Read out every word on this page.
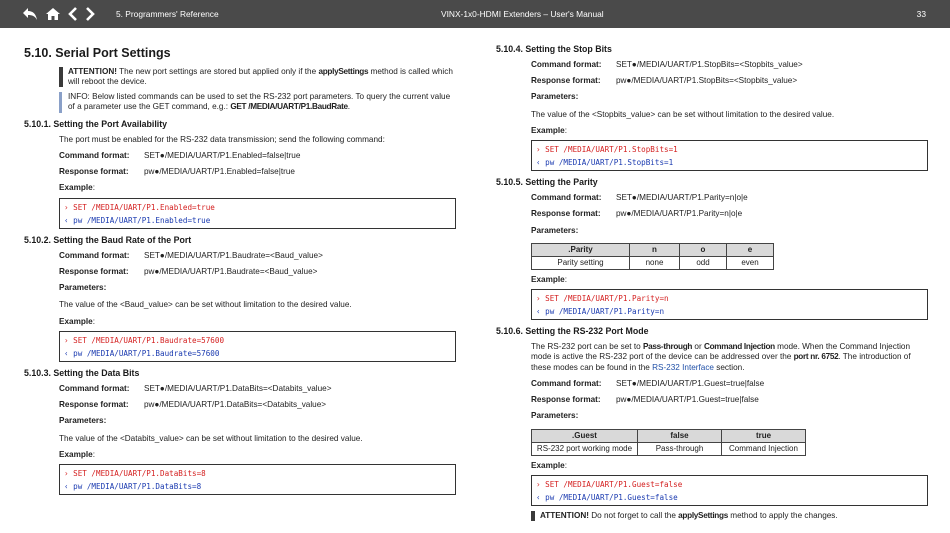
5. Programmers' Reference	VINX-1x0-HDMI Extenders – User's Manual	33
5.10. Serial Port Settings
ATTENTION! The new port settings are stored but applied only if the applySettings method is called which will reboot the device.
INFO: Below listed commands can be used to set the RS-232 port parameters. To query the current value of a parameter use the GET command, e.g.: GET /MEDIA/UART/P1.BaudRate.
5.10.1. Setting the Port Availability

The port must be enabled for the RS-232 data transmission; send the following command:

Command format:	SET●/MEDIA/UART/P1.Enabled=false|true
Response format:	pw●/MEDIA/UART/P1.Enabled=false|true
Example:
› SET /MEDIA/UART/P1.Enabled=true
‹ pw /MEDIA/UART/P1.Enabled=true
5.10.2. Setting the Baud Rate of the Port
Command format:	SET●/MEDIA/UART/P1.Baudrate=<Baud_value>
Response format:	pw●/MEDIA/UART/P1.Baudrate=<Baud_value>
Parameters:

The value of the <Baud_value> can be set without limitation to the desired value.

Example:
› SET /MEDIA/UART/P1.Baudrate=57600
‹ pw /MEDIA/UART/P1.Baudrate=57600
5.10.3. Setting the Data Bits
Command format:	SET●/MEDIA/UART/P1.DataBits=<Databits_value>
Response format:	pw●/MEDIA/UART/P1.DataBits=<Databits_value>
Parameters:

The value of the <Databits_value> can be set without limitation to the desired value.

Example:
› SET /MEDIA/UART/P1.DataBits=8
‹ pw /MEDIA/UART/P1.DataBits=8
5.10.4. Setting the Stop Bits
Command format:	SET●/MEDIA/UART/P1.StopBits=<Stopbits_value>
Response format:	pw●/MEDIA/UART/P1.StopBits=<Stopbits_value>
Parameters:

The value of the <Stopbits_value> can be set without limitation to the desired value.

Example:
› SET /MEDIA/UART/P1.StopBits=1
‹ pw /MEDIA/UART/P1.StopBits=1
5.10.5. Setting the Parity
Command format:	SET●/MEDIA/UART/P1.Parity=n|o|e
Response format:	pw●/MEDIA/UART/P1.Parity=n|o|e
Parameters:
.Parity	n	o	e
Parity setting	none	odd	even
Example:
› SET /MEDIA/UART/P1.Parity=n
‹ pw /MEDIA/UART/P1.Parity=n
5.10.6. Setting the RS-232 Port Mode

The RS-232 port can be set to Pass-through or Command Injection mode. When the Command Injection mode is active the RS-232 port of the device can be addressed over the port nr. 6752. The introduction of these modes can be found in the RS-232 Interface section.

Command format:	SET●/MEDIA/UART/P1.Guest=true|false
Response format:	pw●/MEDIA/UART/P1.Guest=true|false
Parameters:
.Guest	false	true
RS-232 port working mode	Pass-through	Command Injection
Example:
› SET /MEDIA/UART/P1.Guest=false
‹ pw /MEDIA/UART/P1.Guest=false
ATTENTION! Do not forget to call the applySettings method to apply the changes.
